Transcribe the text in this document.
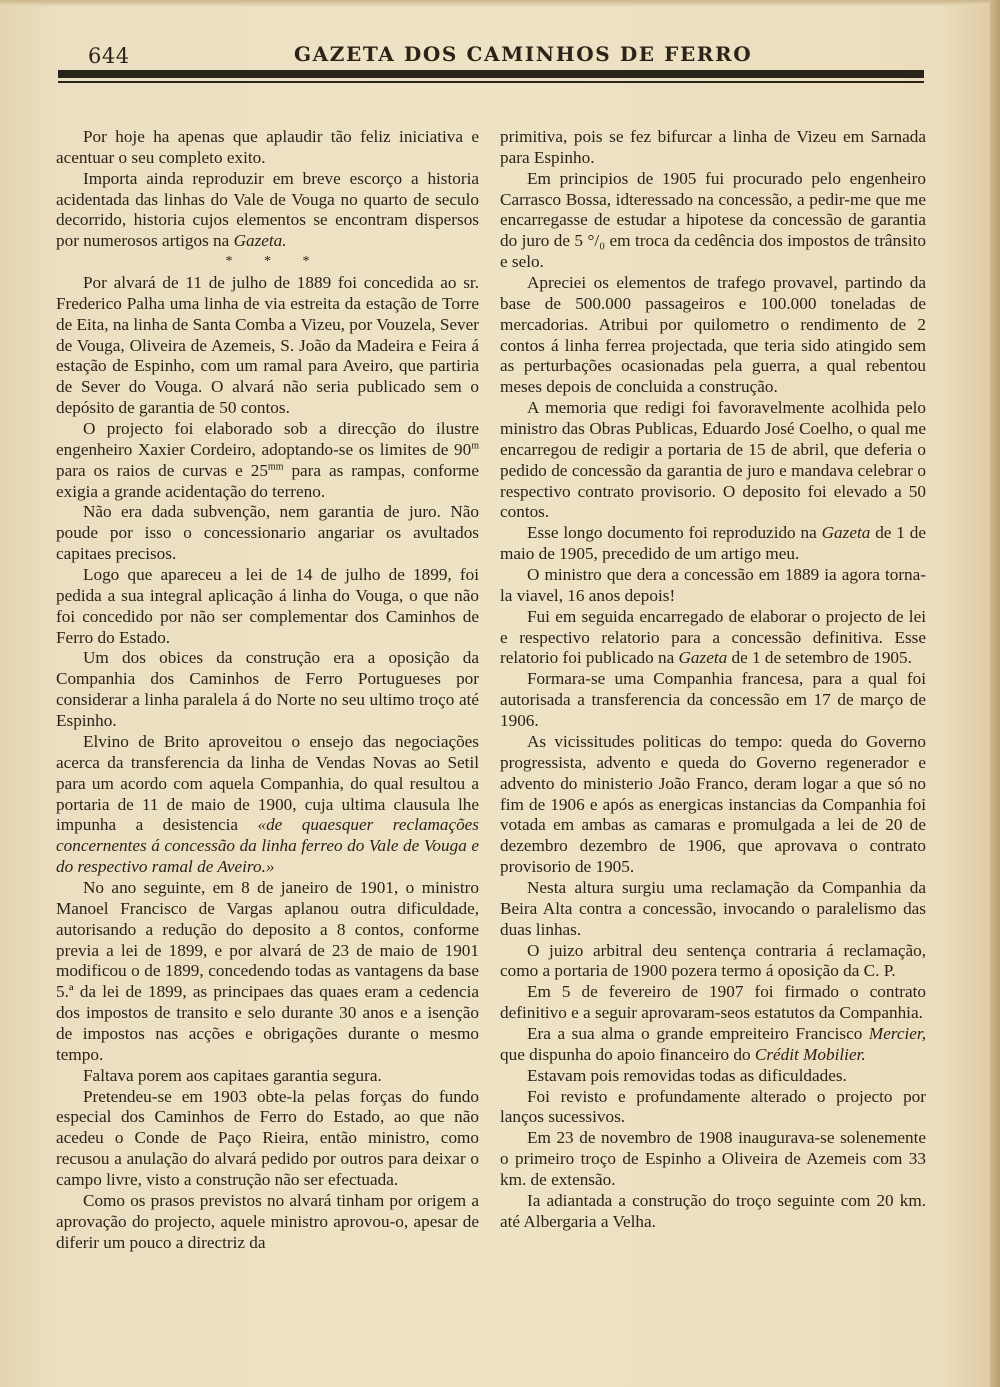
644	GAZETA DOS CAMINHOS DE FERRO

Por hoje ha apenas que aplaudir tão feliz iniciativa e acentuar o seu completo exito.

Importa ainda reproduzir em breve escorço a historia acidentada das linhas do Vale de Vouga no quarto de seculo decorrido, historia cujos elementos se encontram dispersos por numerosos artigos na Gazeta.

* * *

Por alvará de 11 de julho de 1889 foi concedida ao sr. Frederico Palha uma linha de via estreita da estação de Torre de Eita, na linha de Santa Comba a Vizeu, por Vouzela, Sever de Vouga, Oliveira de Azemeis, S. João da Madeira e Feira á estação de Espinho, com um ramal para Aveiro, que partiria de Sever do Vouga. O alvará não seria publicado sem o depósito de garantia de 50 contos.

O projecto foi elaborado sob a direcção do ilustre engenheiro Xaxier Cordeiro, adoptando-se os limites de 90$^m$ para os raios de curvas e $25^{mm}$ para as rampas, conforme exigia a grande acidentação do terreno.

Não era dada subvenção, nem garantia de juro. Não poude por isso o concessionario angariar os avultados capitaes precisos.

Logo que apareceu a lei de 14 de julho de 1899, foi pedida a sua integral aplicação á linha do Vouga, o que não foi concedido por não ser complementar dos Caminhos de Ferro do Estado.

Um dos obices da construção era a oposição da Companhia dos Caminhos de Ferro Portugueses por considerar a linha paralela á do Norte no seu ultimo troço até Espinho.

Elvino de Brito aproveitou o ensejo das negociações acerca da transferencia da linha de Vendas Novas ao Setil para um acordo com aquela Companhia, do qual resultou a portaria de 11 de maio de 1900, cuja ultima clausula lhe impunha a desistencia «de quaesquer reclamações concernentes á concessão da linha ferreo do Vale de Vouga e do respectivo ramal de Aveiro.»

No ano seguinte, em 8 de janeiro de 1901, o ministro Manoel Francisco de Vargas aplanou outra dificuldade, autorisando a redução do deposito a 8 contos, conforme previa a lei de 1899, e por alvará de 23 de maio de 1901 modificou o de 1899, concedendo todas as vantagens da base 5.ª da lei de 1899, as principaes das quaes eram a cedencia dos impostos de transito e selo durante 30 anos e a isenção de impostos nas acções e obrigações durante o mesmo tempo.

Faltava porem aos capitaes garantia segura.

Pretendeu-se em 1903 obte-la pelas forças do fundo especial dos Caminhos de Ferro do Estado, ao que não acedeu o Conde de Paço Rieira, então ministro, como recusou a anulação do alvará pedido por outros para deixar o campo livre, visto a construção não ser efectuada.

Como os prasos previstos no alvará tinham por origem a aprovação do projecto, aquele ministro aprovou-o, apesar de diferir um pouco a directriz da

primitiva, pois se fez bifurcar a linha de Vizeu em Sarnada para Espinho.

Em principios de 1905 fui procurado pelo engenheiro Carrasco Bossa, idteressado na concessão, a pedir-me que me encarregasse de estudar a hipotese da concessão de garantia do juro de 5 °/₀ em troca da cedência dos impostos de trânsito e selo.

Apreciei os elementos de trafego provavel, partindo da base de 500.000 passageiros e 100.000 toneladas de mercadorias. Atribui por quilometro o rendimento de 2 contos á linha ferrea projectada, que teria sido atingido sem as perturbações ocasionadas pela guerra, a qual rebentou meses depois de concluida a construção.

A memoria que redigi foi favoravelmente acolhida pelo ministro das Obras Publicas, Eduardo José Coelho, o qual me encarregou de redigir a portaria de 15 de abril, que deferia o pedido de concessão da garantia de juro e mandava celebrar o respectivo contrato provisorio. O deposito foi elevado a 50 contos.

Esse longo documento foi reproduzido na Gazeta de 1 de maio de 1905, precedido de um artigo meu.

O ministro que dera a concessão em 1889 ia agora torna-la viavel, 16 anos depois!

Fui em seguida encarregado de elaborar o projecto de lei e respectivo relatorio para a concessão definitiva. Esse relatorio foi publicado na Gazeta de 1 de setembro de 1905.

Formara-se uma Companhia francesa, para a qual foi autorisada a transferencia da concessão em 17 de março de 1906.

As vicissitudes politicas do tempo: queda do Governo progressista, advento e queda do Governo regenerador e advento do ministerio João Franco, deram logar a que só no fim de 1906 e após as energicas instancias da Companhia foi votada em ambas as camaras e promulgada a lei de 20 de dezembro dezembro de 1906, que aprovava o contrato provisorio de 1905.

Nesta altura surgiu uma reclamação da Companhia da Beira Alta contra a concessão, invocando o paralelismo das duas linhas.

O juizo arbitral deu sentença contraria á reclamação, como a portaria de 1900 pozera termo á oposição da C. P.

Em 5 de fevereiro de 1907 foi firmado o contrato definitivo e a seguir aprovaram-seos estatutos da Companhia.

Era a sua alma o grande empreiteiro Francisco Mercier, que dispunha do apoio financeiro do Crédit Mobilier.

Estavam pois removidas todas as dificuldades.

Foi revisto e profundamente alterado o projecto por lanços sucessivos.

Em 23 de novembro de 1908 inaugurava-se solenemente o primeiro troço de Espinho a Oliveira de Azemeis com 33 km. de extensão.

Ia adiantada a construção do troço seguinte com 20 km. até Albergaria a Velha.
